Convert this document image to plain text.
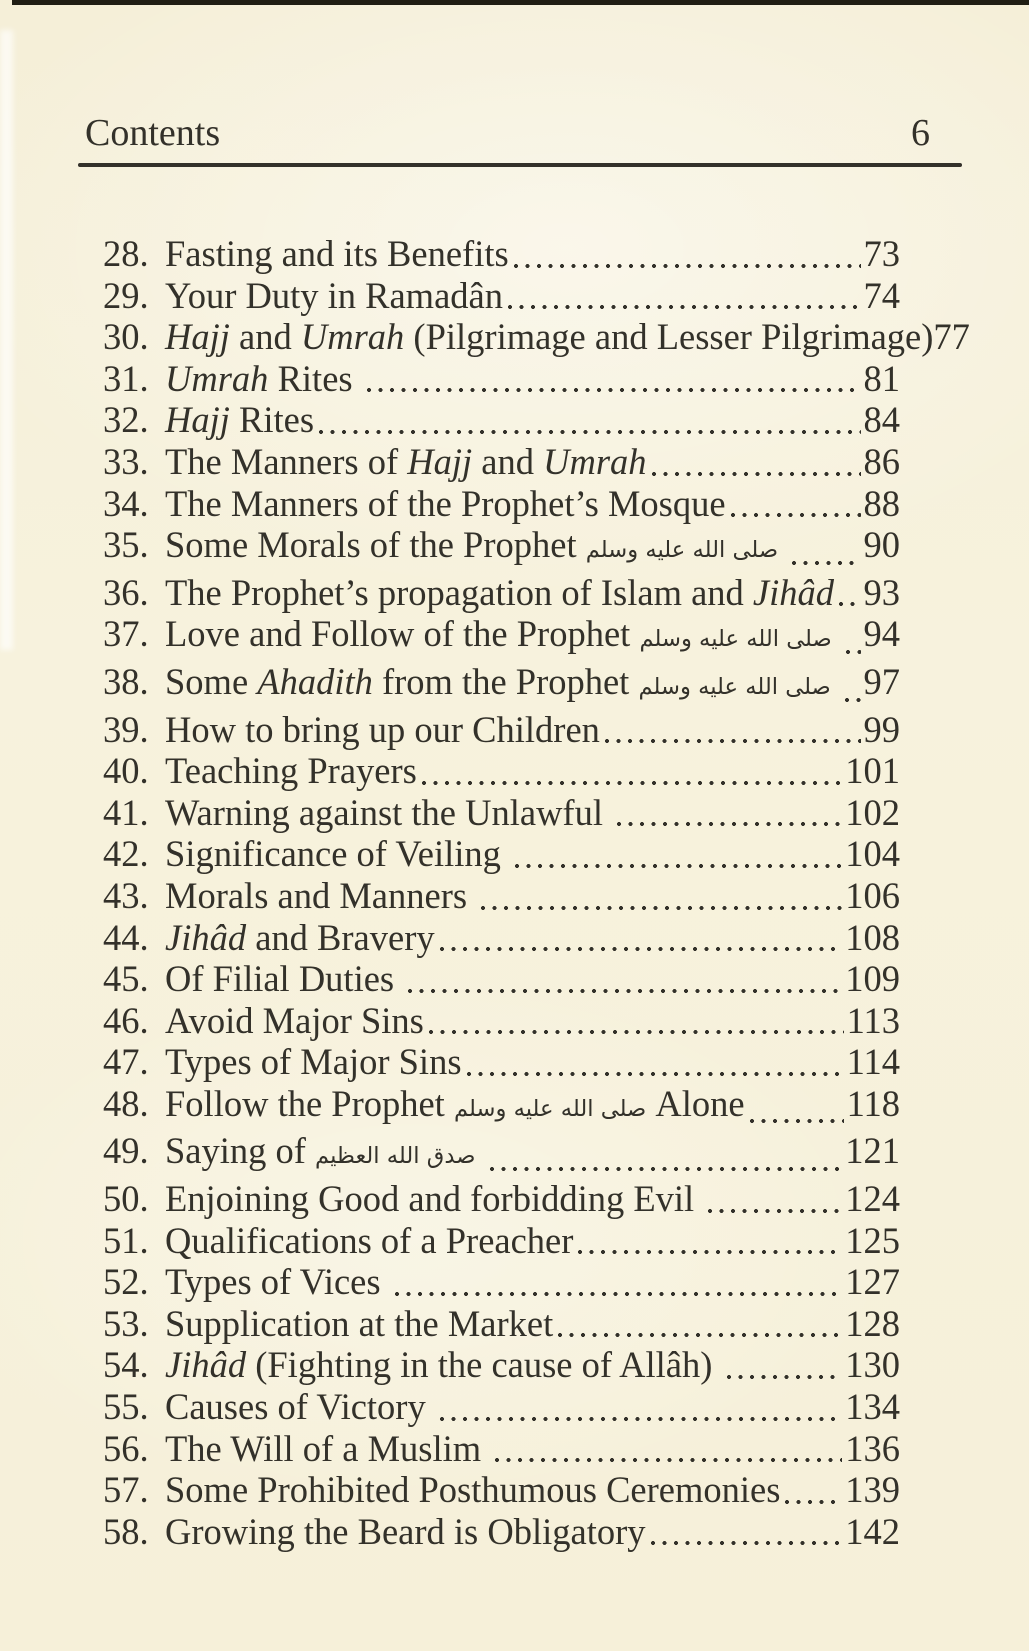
Contents	6
28. Fasting and its Benefits	73
29. Your Duty in Ramadân	74
30. Hajj and Umrah (Pilgrimage and Lesser Pilgrimage) 77
31. Umrah Rites	81
32. Hajj Rites	84
33. The Manners of Hajj and Umrah	86
34. The Manners of the Prophet’s Mosque	88
35. Some Morals of the Prophet صلى الله عليه وسلم 90
36. The Prophet’s propagation of Islam and Jihâd 93
37. Love and Follow of the Prophet صلى الله عليه وسلم 94
38. Some Ahadith from the Prophet صلى الله عليه وسلم 97
39. How to bring up our Children	99
40. Teaching Prayers	101
41. Warning against the Unlawful	102
42. Significance of Veiling	104
43. Morals and Manners	106
44. Jihâd and Bravery	108
45. Of Filial Duties	109
46. Avoid Major Sins	113
47. Types of Major Sins	114
48. Follow the Prophet صلى الله عليه وسلم Alone	118
49. Saying of صدق الله العظيم	121
50. Enjoining Good and forbidding Evil	124
51. Qualifications of a Preacher	125
52. Types of Vices	127
53. Supplication at the Market	128
54. Jihâd (Fighting in the cause of Allâh)	130
55. Causes of Victory	134
56. The Will of a Muslim	136
57. Some Prohibited Posthumous Ceremonies 139
58. Growing the Beard is Obligatory	142
